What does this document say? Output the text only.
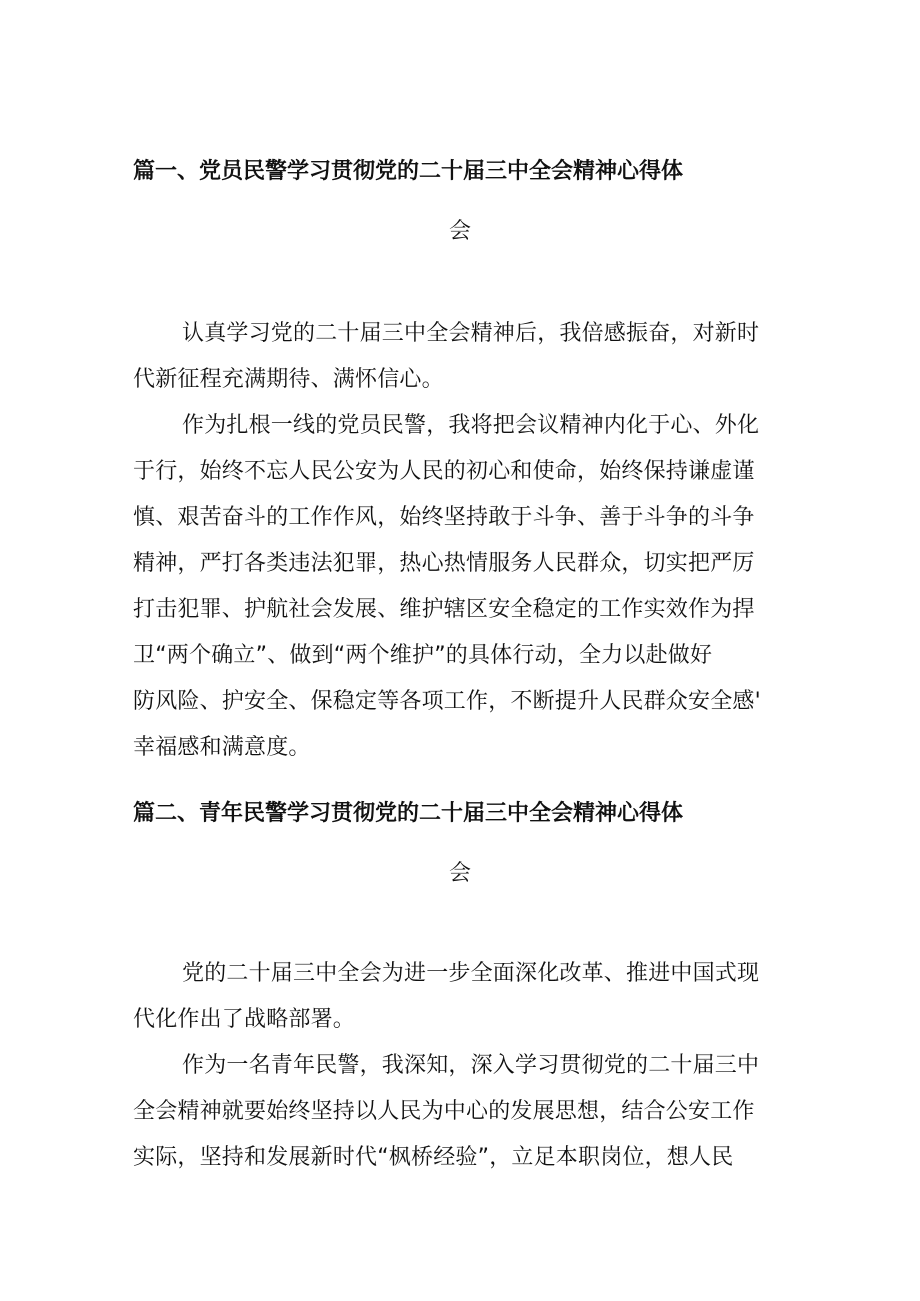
篇一、党员民警学习贯彻党的二十届三中全会精神心得体
会
认真学习党的二十届三中全会精神后，我倍感振奋，对新时
代新征程充满期待、满怀信心。
作为扎根一线的党员民警，我将把会议精神内化于心、外化
于行，始终不忘人民公安为人民的初心和使命，始终保持谦虚谨
慎、艰苦奋斗的工作作风，始终坚持敢于斗争、善于斗争的斗争
精神，严打各类违法犯罪，热心热情服务人民群众，切实把严厉
打击犯罪、护航社会发展、维护辖区安全稳定的工作实效作为捍
卫“两个确立”、做到“两个维护”的具体行动，全力以赴做好
防风险、护安全、保稳定等各项工作，不断提升人民群众安全感'
幸福感和满意度。
篇二、青年民警学习贯彻党的二十届三中全会精神心得体
会
党的二十届三中全会为进一步全面深化改革、推进中国式现
代化作出了战略部署。
作为一名青年民警，我深知，深入学习贯彻党的二十届三中
全会精神就要始终坚持以人民为中心的发展思想，结合公安工作
实际，坚持和发展新时代“枫桥经验”，立足本职岗位，想人民
